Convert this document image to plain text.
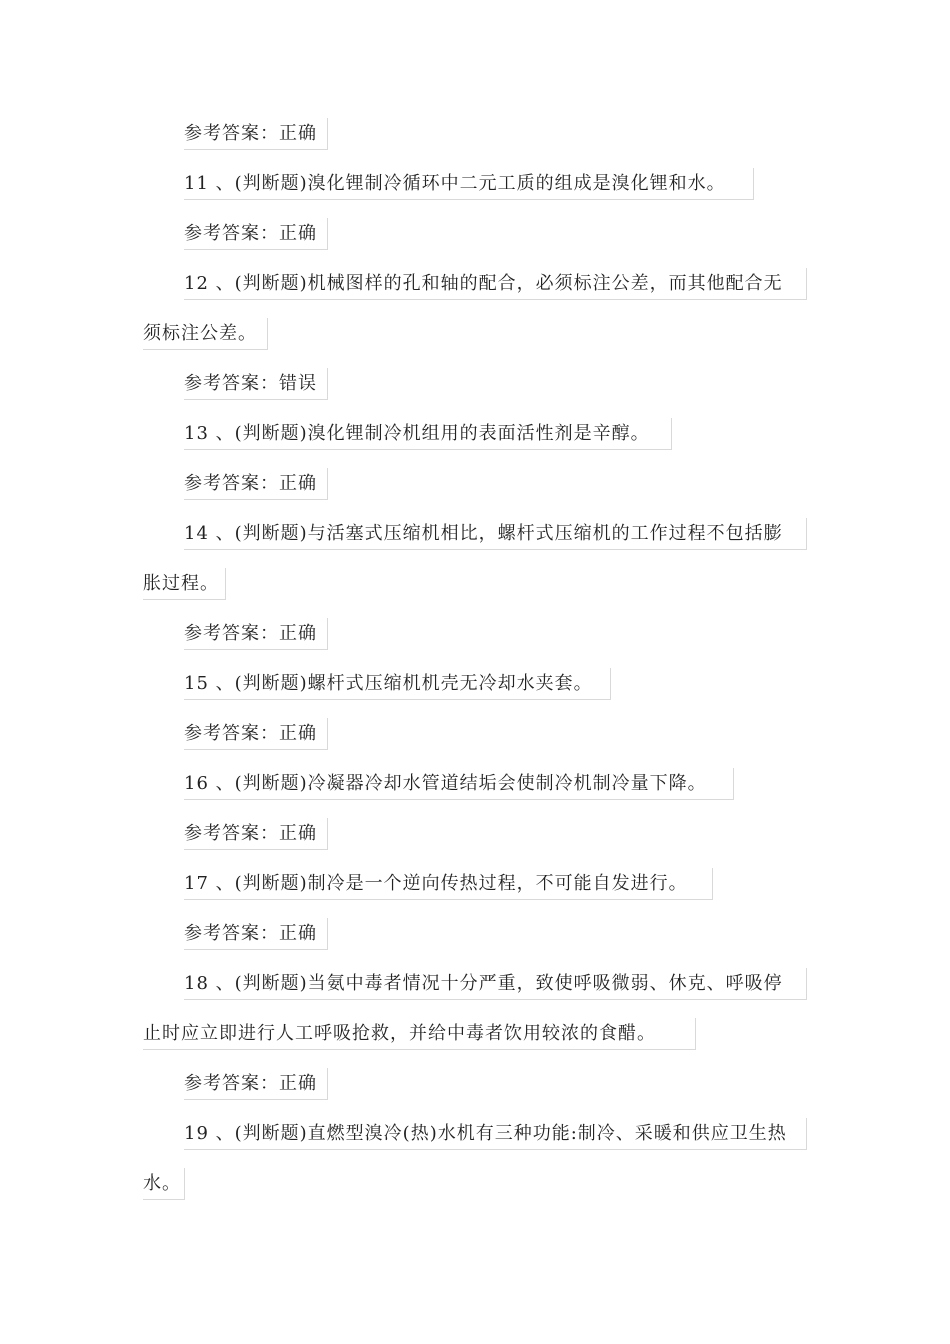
参考答案：正确
11 、(判断题)溴化锂制冷循环中二元工质的组成是溴化锂和水。
参考答案：正确
12 、(判断题)机械图样的孔和轴的配合，必须标注公差，而其他配合无
须标注公差。
参考答案：错误
13 、(判断题)溴化锂制冷机组用的表面活性剂是辛醇。
参考答案：正确
14 、(判断题)与活塞式压缩机相比，螺杆式压缩机的工作过程不包括膨
胀过程。
参考答案：正确
15 、(判断题)螺杆式压缩机机壳无冷却水夹套。
参考答案：正确
16 、(判断题)冷凝器冷却水管道结垢会使制冷机制冷量下降。
参考答案：正确
17 、(判断题)制冷是一个逆向传热过程，不可能自发进行。
参考答案：正确
18 、(判断题)当氨中毒者情况十分严重，致使呼吸微弱、休克、呼吸停
止时应立即进行人工呼吸抢救，并给中毒者饮用较浓的食醋。
参考答案：正确
19 、(判断题)直燃型溴冷(热)水机有三种功能:制冷、采暖和供应卫生热
水。
